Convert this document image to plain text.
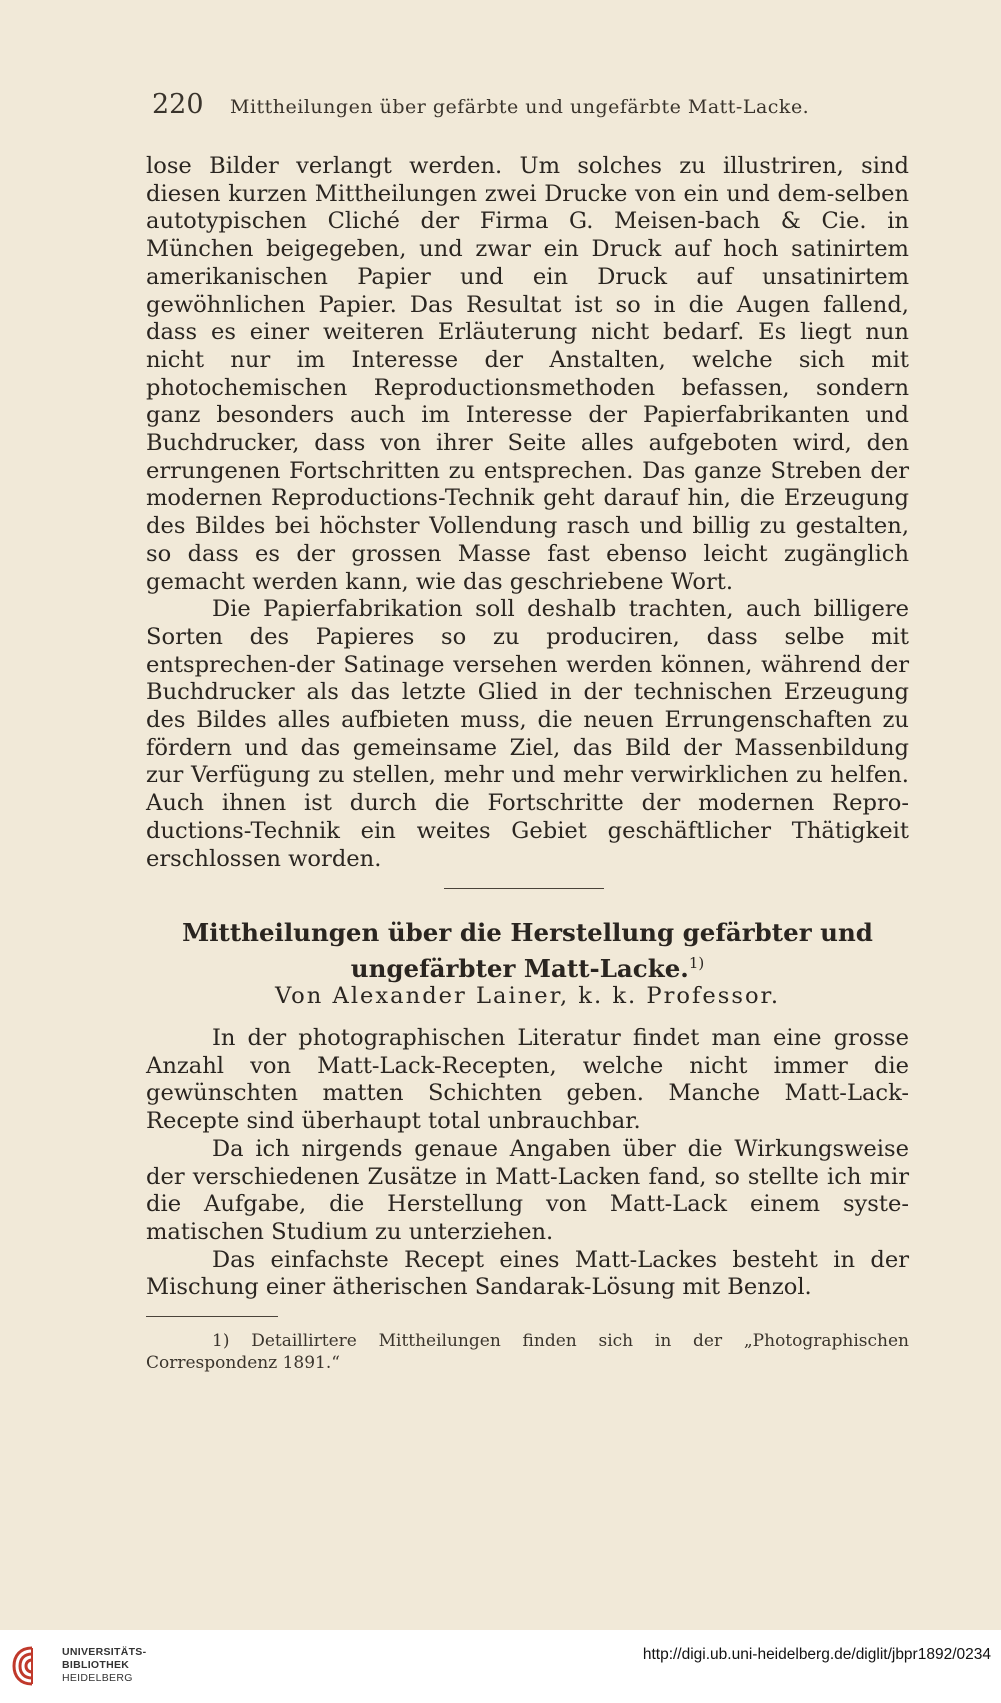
220 Mittheilungen über gefärbte und ungefärbte Matt-Lacke.

lose Bilder verlangt werden. Um solches zu illustriren, sind diesen kurzen Mittheilungen zwei Drucke von ein und dem-selben autotypischen Cliché der Firma G. Meisen-bach & Cie. in München beigegeben, und zwar ein Druck auf hoch satinirtem amerikanischen Papier und ein Druck auf unsatinirtem gewöhnlichen Papier. Das Resultat ist so in die Augen fallend, dass es einer weiteren Erläuterung nicht bedarf. Es liegt nun nicht nur im Interesse der Anstalten, welche sich mit photochemischen Reproductionsmethoden befassen, sondern ganz besonders auch im Interesse der Papierfabrikanten und Buchdrucker, dass von ihrer Seite alles aufgeboten wird, den errungenen Fortschritten zu entsprechen. Das ganze Streben der modernen Reproductions-Technik geht darauf hin, die Erzeugung des Bildes bei höchster Vollendung rasch und billig zu gestalten, so dass es der grossen Masse fast ebenso leicht zugänglich gemacht werden kann, wie das geschriebene Wort.

Die Papierfabrikation soll deshalb trachten, auch billigere Sorten des Papieres so zu produciren, dass selbe mit entsprechen-der Satinage versehen werden können, während der Buchdrucker als das letzte Glied in der technischen Erzeugung des Bildes alles aufbieten muss, die neuen Errungenschaften zu fördern und das gemeinsame Ziel, das Bild der Massenbildung zur Verfügung zu stellen, mehr und mehr verwirklichen zu helfen. Auch ihnen ist durch die Fortschritte der modernen Repro-ductions-Technik ein weites Gebiet geschäftlicher Thätigkeit erschlossen worden.

Mittheilungen über die Herstellung gefärbter und
ungefärbter Matt-Lacke.$^{1)}$
Von Alexander Lainer, k. k. Professor.

In der photographischen Literatur findet man eine grosse Anzahl von Matt-Lack-Recepten, welche nicht immer die gewünschten matten Schichten geben. Manche Matt-Lack-Recepte sind überhaupt total unbrauchbar.

Da ich nirgends genaue Angaben über die Wirkungsweise der verschiedenen Zusätze in Matt-Lacken fand, so stellte ich mir die Aufgabe, die Herstellung von Matt-Lack einem syste-matischen Studium zu unterziehen.

Das einfachste Recept eines Matt-Lackes besteht in der Mischung einer ätherischen Sandarak-Lösung mit Benzol.

1) Detaillirtere Mittheilungen finden sich in der „Photographischen Correspondenz 1891.“

UNIVERSITÄTS-
BIBLIOTHEK
HEIDELBERG
http://digi.ub.uni-heidelberg.de/diglit/jbpr1892/0234
